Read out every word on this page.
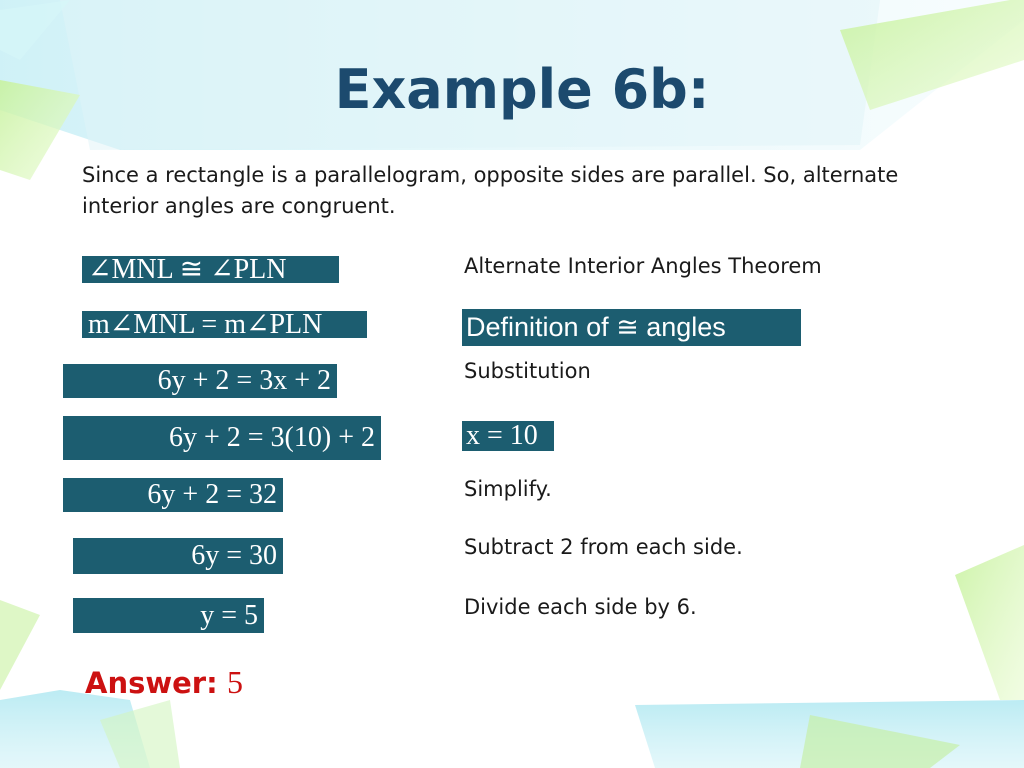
Example 6b:
Since a rectangle is a parallelogram, opposite sides are parallel. So, alternate interior angles are congruent.
∠MNL ≅ ∠PLN
m∠MNL = m∠PLN
6y + 2 = 3x + 2
6y + 2 = 3(10) + 2
6y + 2 = 32
6y = 30
y = 5
Alternate Interior Angles Theorem
Definition of ≅ angles
Substitution
x = 10
Simplify.
Subtract 2 from each side.
Divide each side by 6.
Answer: 5
